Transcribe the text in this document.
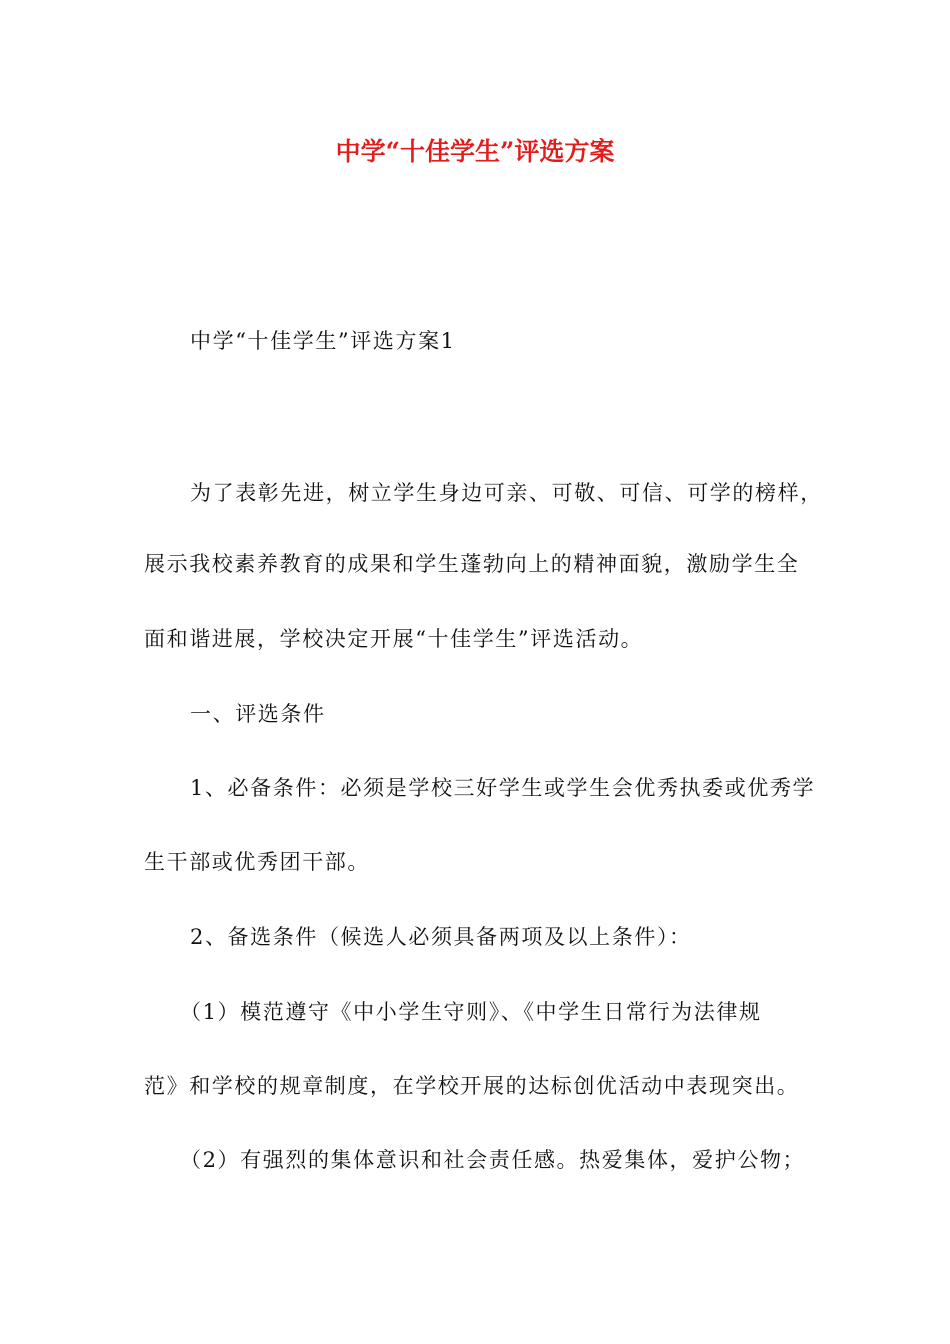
中学“十佳学生”评选方案
中学“十佳学生”评选方案1
为了表彰先进，树立学生身边可亲、可敬、可信、可学的榜样，
展示我校素养教育的成果和学生蓬勃向上的精神面貌，激励学生全
面和谐进展，学校决定开展“十佳学生”评选活动。
一、评选条件
1、必备条件：必须是学校三好学生或学生会优秀执委或优秀学
生干部或优秀团干部。
2、备选条件（候选人必须具备两项及以上条件）：
（1）模范遵守《中小学生守则》、《中学生日常行为法律规
范》和学校的规章制度，在学校开展的达标创优活动中表现突出。
（2）有强烈的集体意识和社会责任感。热爱集体，爱护公物；
